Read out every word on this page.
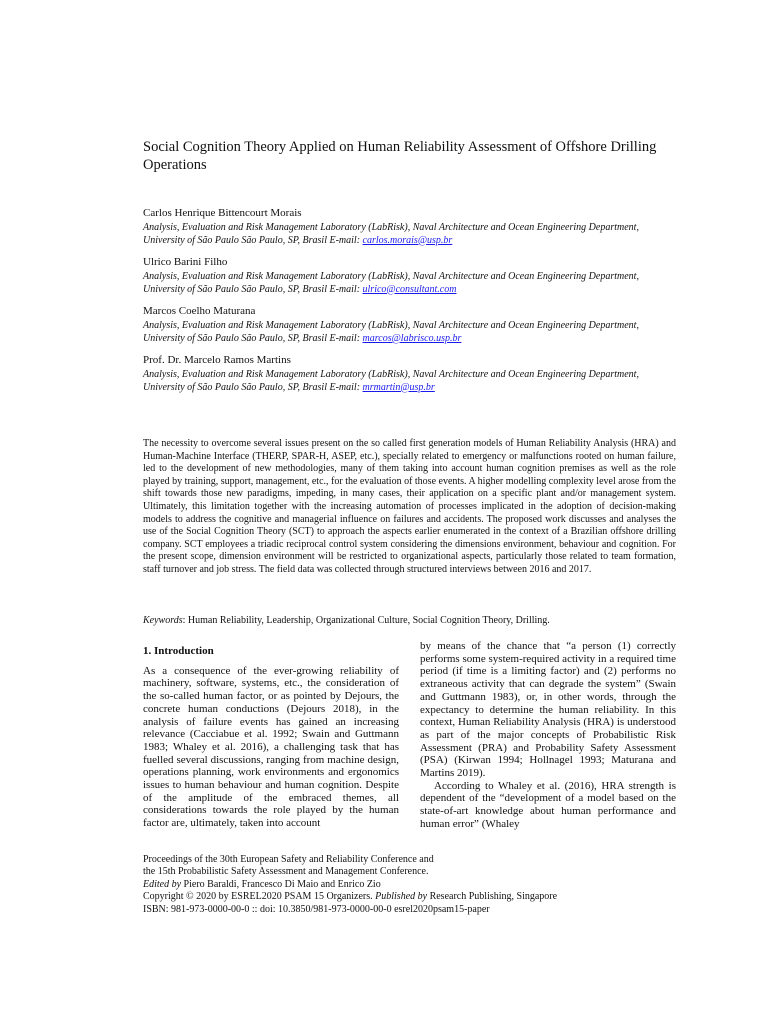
Social Cognition Theory Applied on Human Reliability Assessment of Offshore Drilling Operations
Carlos Henrique Bittencourt Morais
Analysis, Evaluation and Risk Management Laboratory (LabRisk), Naval Architecture and Ocean Engineering Department, University of São Paulo São Paulo, SP, Brasil E-mail: carlos.morais@usp.br
Ulrico Barini Filho
Analysis, Evaluation and Risk Management Laboratory (LabRisk), Naval Architecture and Ocean Engineering Department, University of São Paulo São Paulo, SP, Brasil E-mail: ulrico@consultant.com
Marcos Coelho Maturana
Analysis, Evaluation and Risk Management Laboratory (LabRisk), Naval Architecture and Ocean Engineering Department, University of São Paulo São Paulo, SP, Brasil E-mail: marcos@labrisco.usp.br
Prof. Dr. Marcelo Ramos Martins
Analysis, Evaluation and Risk Management Laboratory (LabRisk), Naval Architecture and Ocean Engineering Department, University of São Paulo São Paulo, SP, Brasil E-mail: mrmartin@usp.br

The necessity to overcome several issues present on the so called first generation models of Human Reliability Analysis (HRA) and Human-Machine Interface (THERP, SPAR-H, ASEP, etc.), specially related to emergency or malfunctions rooted on human failure, led to the development of new methodologies, many of them taking into account human cognition premises as well as the role played by training, support, management, etc., for the evaluation of those events. A higher modelling complexity level arose from the shift towards those new paradigms, impeding, in many cases, their application on a specific plant and/or management system. Ultimately, this limitation together with the increasing automation of processes implicated in the adoption of decision-making models to address the cognitive and managerial influence on failures and accidents. The proposed work discusses and analyses the use of the Social Cognition Theory (SCT) to approach the aspects earlier enumerated in the context of a Brazilian offshore drilling company. SCT employees a triadic reciprocal control system considering the dimensions environment, behaviour and cognition. For the present scope, dimension environment will be restricted to organizational aspects, particularly those related to team formation, staff turnover and job stress. The field data was collected through structured interviews between 2016 and 2017.

Keywords: Human Reliability, Leadership, Organizational Culture, Social Cognition Theory, Drilling.

1. Introduction

As a consequence of the ever-growing reliability of machinery, software, systems, etc., the consideration of the so-called human factor, or as pointed by Dejours, the concrete human conductions (Dejours 2018), in the analysis of failure events has gained an increasing relevance (Cacciabue et al. 1992; Swain and Guttmann 1983; Whaley et al. 2016), a challenging task that has fuelled several discussions, ranging from machine design, operations planning, work environments and ergonomics issues to human behaviour and human cognition. Despite of the amplitude of the embraced themes, all considerations towards the role played by the human factor are, ultimately, taken into account

by means of the chance that “a person (1) correctly performs some system-required activity in a required time period (if time is a limiting factor) and (2) performs no extraneous activity that can degrade the system” (Swain and Guttmann 1983), or, in other words, through the expectancy to determine the human reliability. In this context, Human Reliability Analysis (HRA) is understood as part of the major concepts of Probabilistic Risk Assessment (PRA) and Probability Safety Assessment (PSA) (Kirwan 1994; Hollnagel 1993; Maturana and Martins 2019).

According to Whaley et al. (2016), HRA strength is dependent of the “development of a model based on the state-of-art knowledge about human performance and human error” (Whaley

Proceedings of the 30th European Safety and Reliability Conference and
the 15th Probabilistic Safety Assessment and Management Conference.
Edited by Piero Baraldi, Francesco Di Maio and Enrico Zio
Copyright © 2020 by ESREL2020 PSAM 15 Organizers. Published by Research Publishing, Singapore
ISBN: 981-973-0000-00-0 :: doi: 10.3850/981-973-0000-00-0 esrel2020psam15-paper
